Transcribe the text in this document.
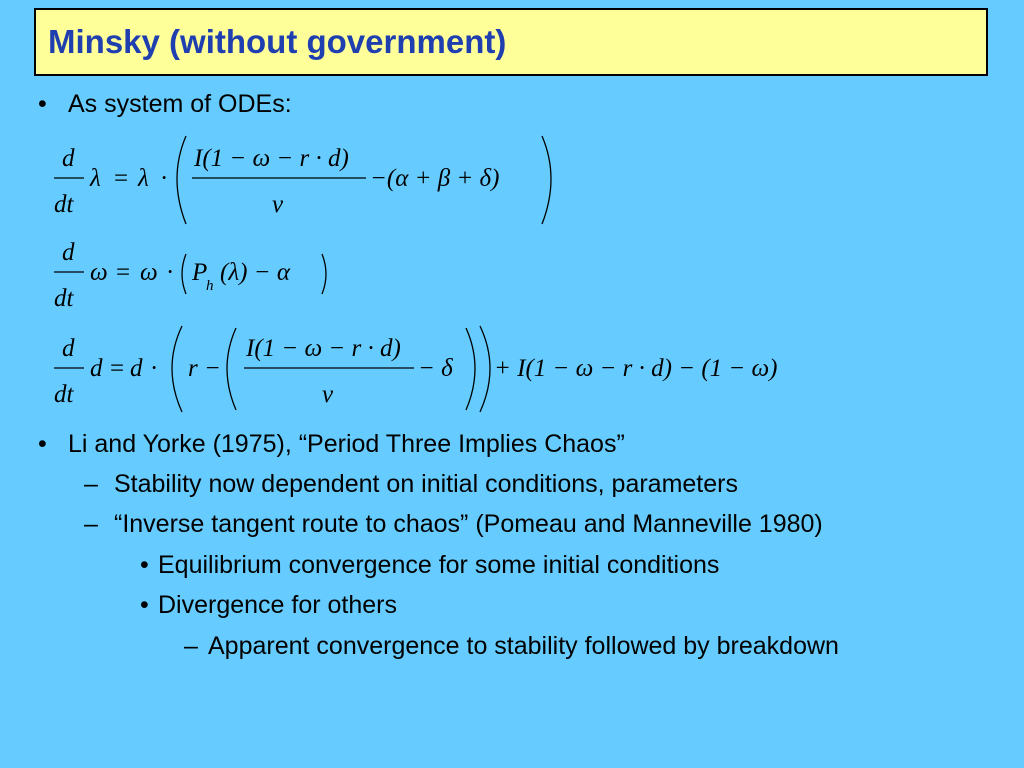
Minsky (without government)
• As system of ODEs:
d
dt
λ = λ ·
I(1 − ω − r · d)
v
−(α + β + δ)
d
dt
ω = ω · P
h (λ) − α
d
dt
d = d · r −
I(1 − ω − r · d)
v
− δ + I(1 − ω − r · d) − (1 − ω)
• Li and Yorke (1975), “Period Three Implies Chaos”
– Stability now dependent on initial conditions, parameters
– “Inverse tangent route to chaos” (Pomeau and Manneville 1980)
• Equilibrium convergence for some initial conditions
• Divergence for others
– Apparent convergence to stability followed by breakdown
